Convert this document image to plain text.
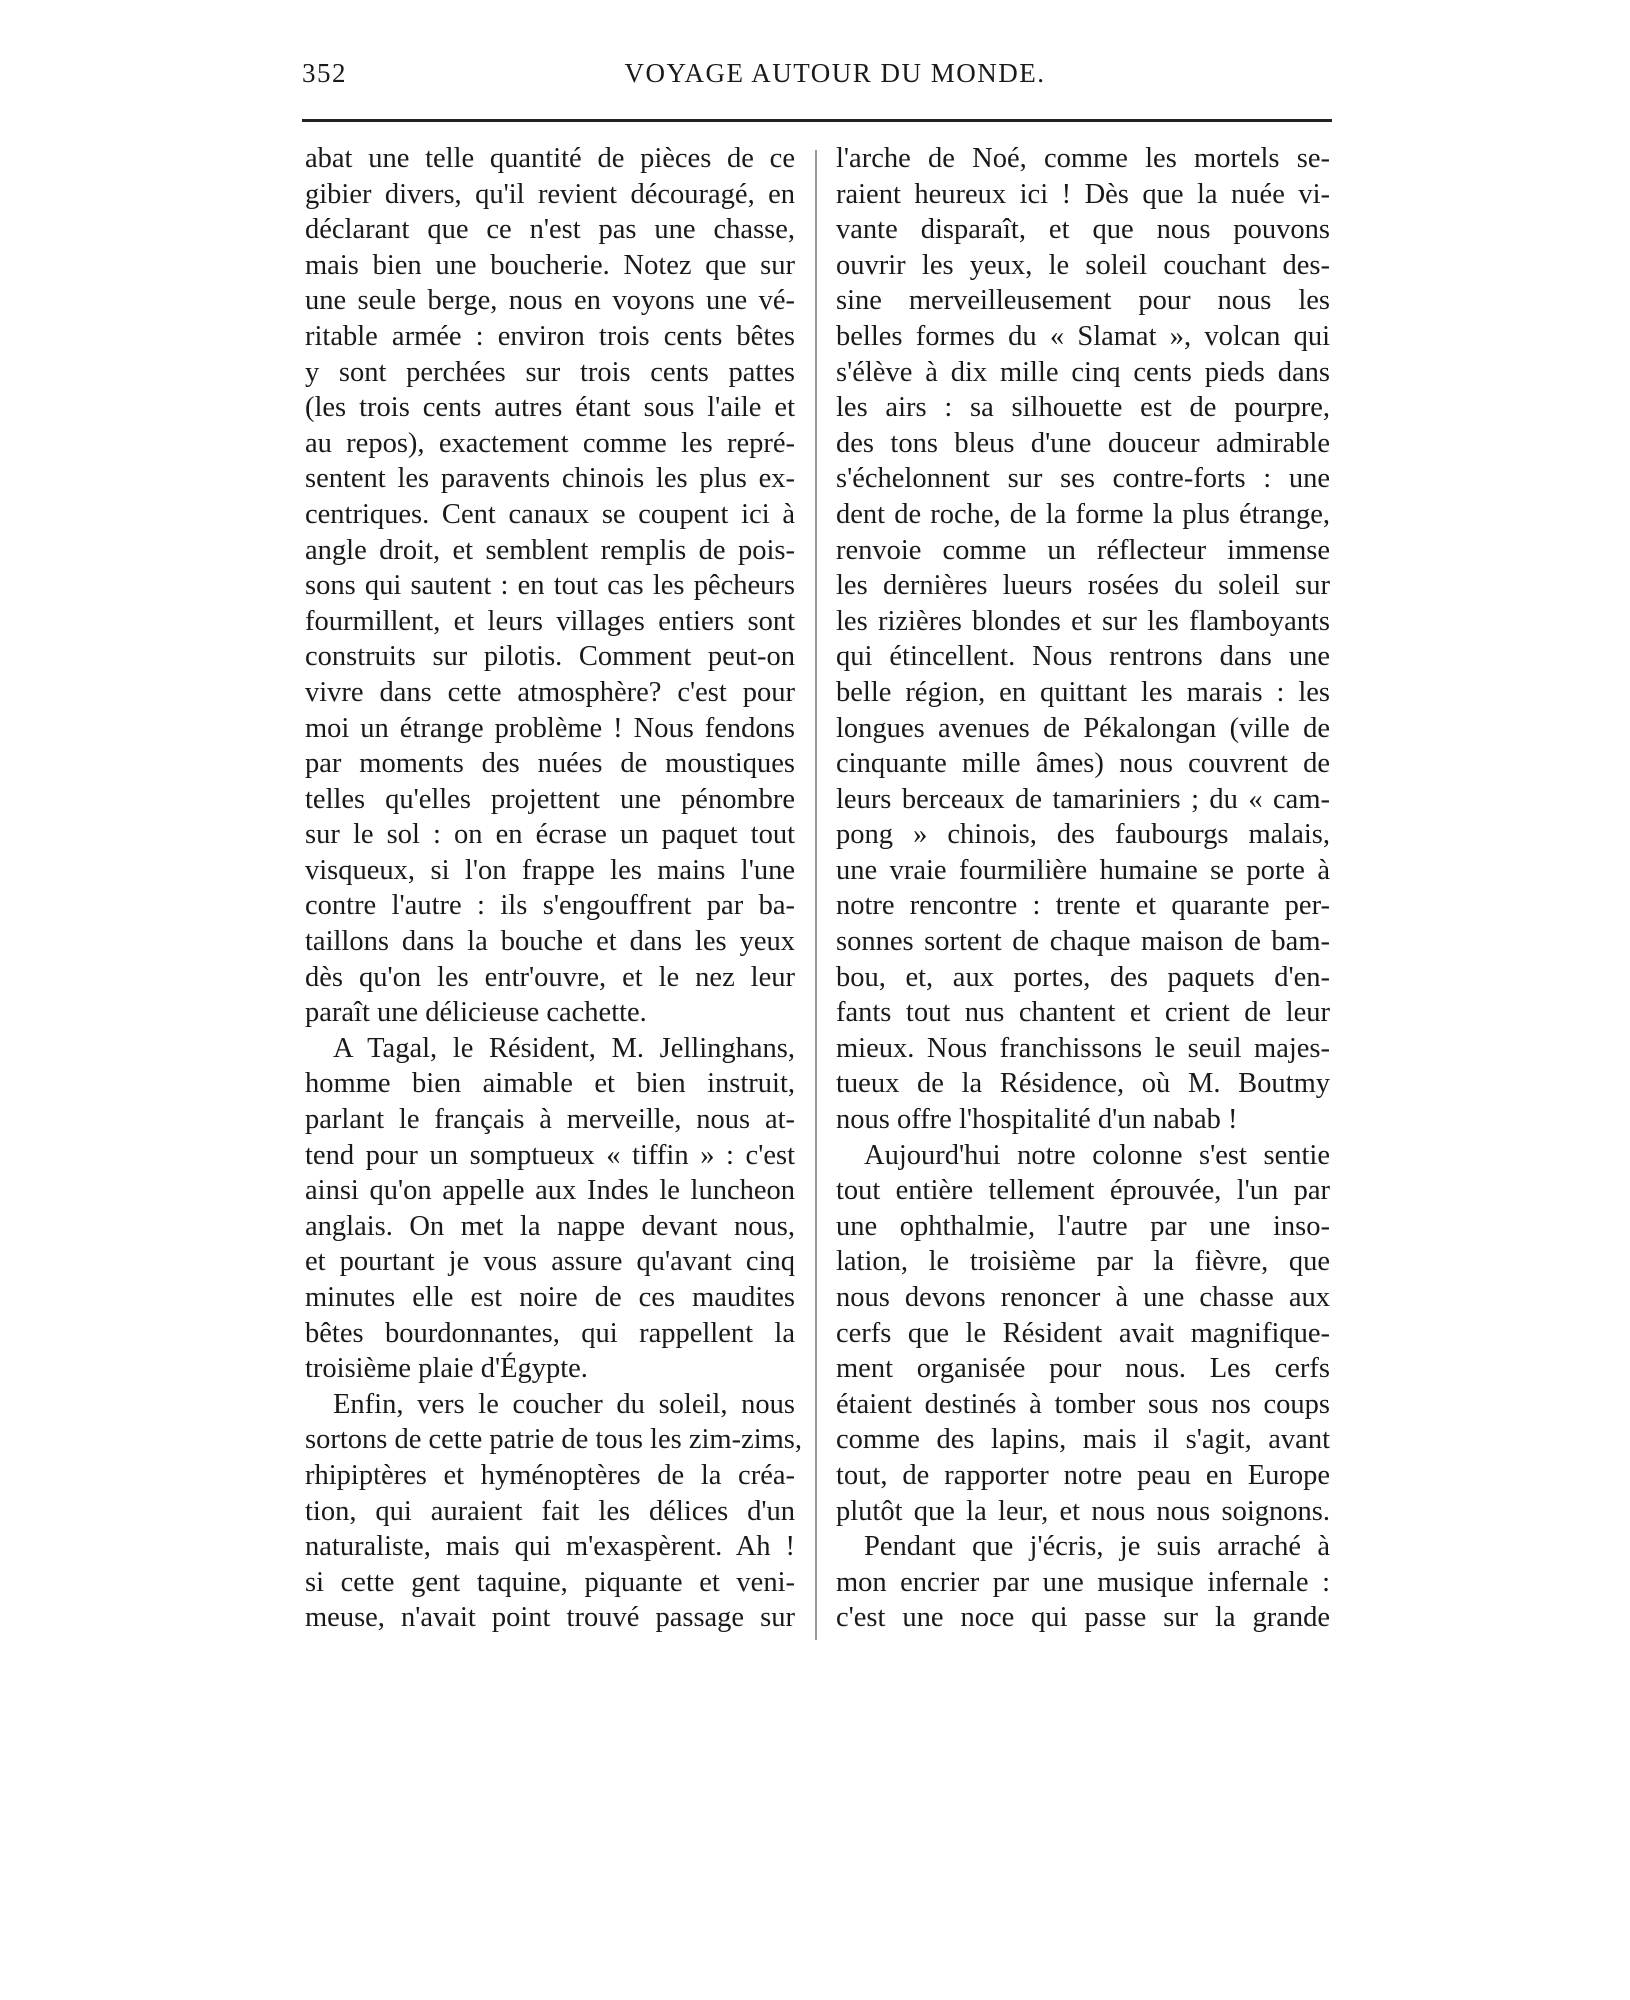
352	VOYAGE AUTOUR DU MONDE.
abat une telle quantité de pièces de ce
gibier divers, qu'il revient découragé, en
déclarant que ce n'est pas une chasse,
mais bien une boucherie. Notez que sur
une seule berge, nous en voyons une vé-
ritable armée : environ trois cents bêtes
y sont perchées sur trois cents pattes
(les trois cents autres étant sous l'aile et
au repos), exactement comme les repré-
sentent les paravents chinois les plus ex-
centriques. Cent canaux se coupent ici à
angle droit, et semblent remplis de pois-
sons qui sautent : en tout cas les pêcheurs
fourmillent, et leurs villages entiers sont
construits sur pilotis. Comment peut-on
vivre dans cette atmosphère? c'est pour
moi un étrange problème ! Nous fendons
par moments des nuées de moustiques
telles qu'elles projettent une pénombre
sur le sol : on en écrase un paquet tout
visqueux, si l'on frappe les mains l'une
contre l'autre : ils s'engouffrent par ba-
taillons dans la bouche et dans les yeux
dès qu'on les entr'ouvre, et le nez leur
paraît une délicieuse cachette.
A Tagal, le Résident, M. Jellinghans,
homme bien aimable et bien instruit,
parlant le français à merveille, nous at-
tend pour un somptueux « tiffin » : c'est
ainsi qu'on appelle aux Indes le luncheon
anglais. On met la nappe devant nous,
et pourtant je vous assure qu'avant cinq
minutes elle est noire de ces maudites
bêtes bourdonnantes, qui rappellent la
troisième plaie d'Égypte.
Enfin, vers le coucher du soleil, nous
sortons de cette patrie de tous les zim-zims,
rhipiptères et hyménoptères de la créa-
tion, qui auraient fait les délices d'un
naturaliste, mais qui m'exaspèrent. Ah !
si cette gent taquine, piquante et veni-
meuse, n'avait point trouvé passage sur
l'arche de Noé, comme les mortels se-
raient heureux ici ! Dès que la nuée vi-
vante disparaît, et que nous pouvons
ouvrir les yeux, le soleil couchant des-
sine merveilleusement pour nous les
belles formes du « Slamat », volcan qui
s'élève à dix mille cinq cents pieds dans
les airs : sa silhouette est de pourpre,
des tons bleus d'une douceur admirable
s'échelonnent sur ses contre-forts : une
dent de roche, de la forme la plus étrange,
renvoie comme un réflecteur immense
les dernières lueurs rosées du soleil sur
les rizières blondes et sur les flamboyants
qui étincellent. Nous rentrons dans une
belle région, en quittant les marais : les
longues avenues de Pékalongan (ville de
cinquante mille âmes) nous couvrent de
leurs berceaux de tamariniers ; du « cam-
pong » chinois, des faubourgs malais,
une vraie fourmilière humaine se porte à
notre rencontre : trente et quarante per-
sonnes sortent de chaque maison de bam-
bou, et, aux portes, des paquets d'en-
fants tout nus chantent et crient de leur
mieux. Nous franchissons le seuil majes-
tueux de la Résidence, où M. Boutmy
nous offre l'hospitalité d'un nabab !
Aujourd'hui notre colonne s'est sentie
tout entière tellement éprouvée, l'un par
une ophthalmie, l'autre par une inso-
lation, le troisième par la fièvre, que
nous devons renoncer à une chasse aux
cerfs que le Résident avait magnifique-
ment organisée pour nous. Les cerfs
étaient destinés à tomber sous nos coups
comme des lapins, mais il s'agit, avant
tout, de rapporter notre peau en Europe
plutôt que la leur, et nous nous soignons.
Pendant que j'écris, je suis arraché à
mon encrier par une musique infernale :
c'est une noce qui passe sur la grande
